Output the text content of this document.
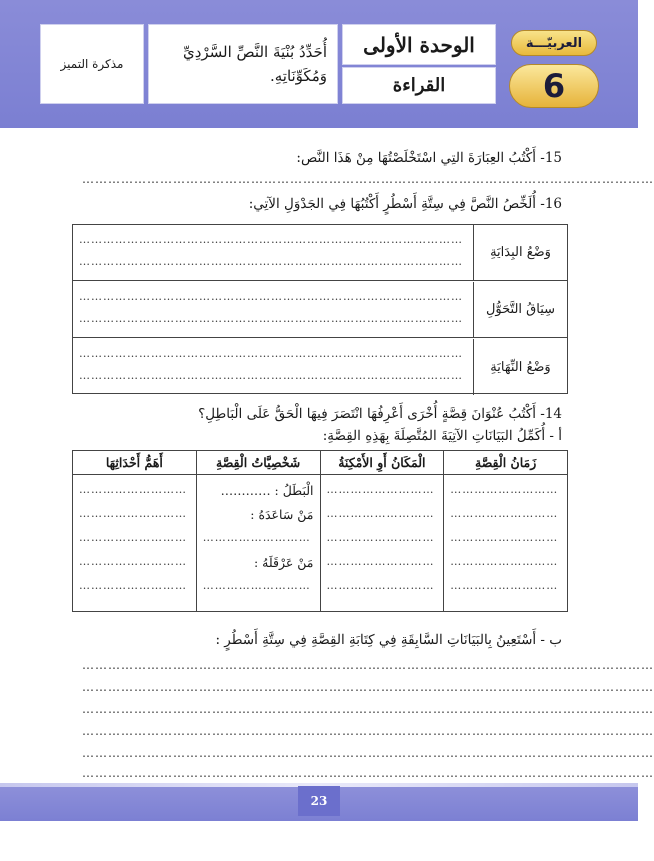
مذكرة التميز
أُحَدِّدُ بُنْيَةَ النَّصِّ السَّرْدِيِّ وَمُكَوِّنَاتِهِ.
الوحدة الأولى
القراءة
العربيّـــة
6
15- أَكْتُبُ العِبَارَةَ التِي اسْتَخْلَصْتُهَا مِنْ هَذَا النَّص:
……………………………………………………………………………………………………………………
16- أُلَخِّصُ النَّصَّ فِي سِتَّةِ أَسْطُرٍ أَكْتُبُهَا فِي الجَدْوَلِ الآتِي:
وَضْعُ البِدَايَةِ
……………………………………………………………………………………
……………………………………………………………………………………
سِيَاقُ التَّحَوُّلِ
……………………………………………………………………………………
……………………………………………………………………………………
وَضْعُ النِّهَايَةِ
……………………………………………………………………………………
……………………………………………………………………………………
14- أَكْتُبُ عُنْوَانَ قِصَّةٍ أُخْرَى أَعْرِفُهَا انْتَصَرَ فِيهَا الْحَقُّ عَلَى الْبَاطِلِ؟
أ - أُكَمِّلُ البَيَانَاتِ الآتِيَةَ المُتَّصِلَةَ بِهَذِهِ القِصَّةِ:
زَمَانُ الْقِصَّةِ
الْمَكَانُ أَوِ الأَمْكِنَةُ
شَخْصِيَّاتُ الْقِصَّةِ
أَهَمُّ أَحْدَاثِهَا
………………………
………………………
………………………
………………………
………………………
………………………
………………………
………………………
………………………
………………………
الْبَطَلُ : …………
مَنْ سَاعَدَهُ :
………………………
مَنْ عَرْقَلَهُ :
………………………
………………………
………………………
………………………
………………………
………………………
ب - أَسْتَعِينُ بِالبَيَانَاتِ السَّابِقَةِ فِي كِتَابَةِ القِصَّةِ فِي سِتَّةِ أَسْطُرٍ :
……………………………………………………………………………………………………………………
……………………………………………………………………………………………………………………
……………………………………………………………………………………………………………………
……………………………………………………………………………………………………………………
……………………………………………………………………………………………………………………
……………………………………………………………………………………………………………………
23
